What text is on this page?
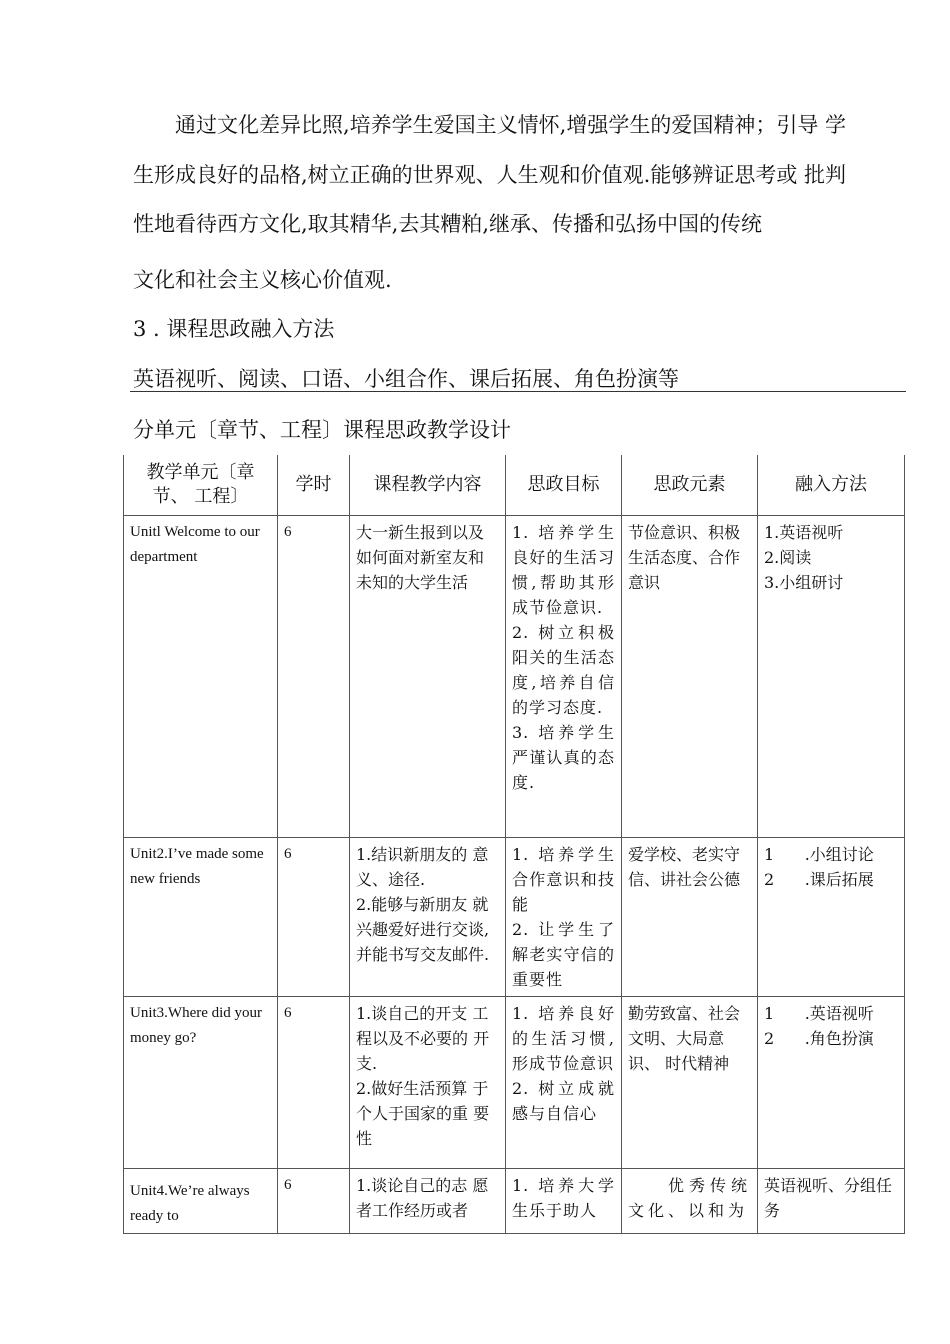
通过文化差异比照,培养学生爱国主义情怀,增强学生的爱国精神；引导 学
生形成良好的品格,树立正确的世界观、人生观和价值观.能够辨证思考或 批判
性地看待西方文化,取其精华,去其糟粕,继承、传播和弘扬中国的传统
文化和社会主义核心价值观.
3 . 课程思政融入方法
英语视听、阅读、口语、小组合作、课后拓展、角色扮演等
分单元〔章节、工程〕课程思政教学设计
教学单元〔章节、 工程〕	学时	课程教学内容	思政目标	思政元素	融入方法
Unitl Welcome to our department	6	大一新生报到以及如何面对新室友和未知的大学生活	1. 培养学生良好的生活习惯,帮助其形成节俭意识.
2. 树立积极阳关的生活态度,培养自信的学习态度.
3. 培养学生严谨认真的态度.	节俭意识、积极生活态度、合作意识	1.英语视听
2.阅读
3.小组研讨

Unit2.I’ve made some new friends	6	1.结识新朋友的 意义、途径.
2.能够与新朋友 就兴趣爱好进行交谈,并能书写交友邮件.	1. 培养学生合作意识和技能
2. 让学生了解老实守信的重要性	爱学校、老实守信、讲社会公德	1      .小组讨论
2      .课后拓展

Unit3.Where did your money go?	6	1.谈自己的开支 工程以及不必要的 开支.
2.做好生活预算 于个人于国家的重 要性	1. 培养良好的生活习惯,形成节俭意识
2. 树立成就感与自信心	勤劳致富、社会文明、大局意识、 时代精神	1      .英语视听
2      .角色扮演

Unit4.We’re always ready to	6	1.谈论自己的志 愿者工作经历或者	1. 培养大学生乐于助人	优秀传统文化、以和为	英语视听、分组任务
